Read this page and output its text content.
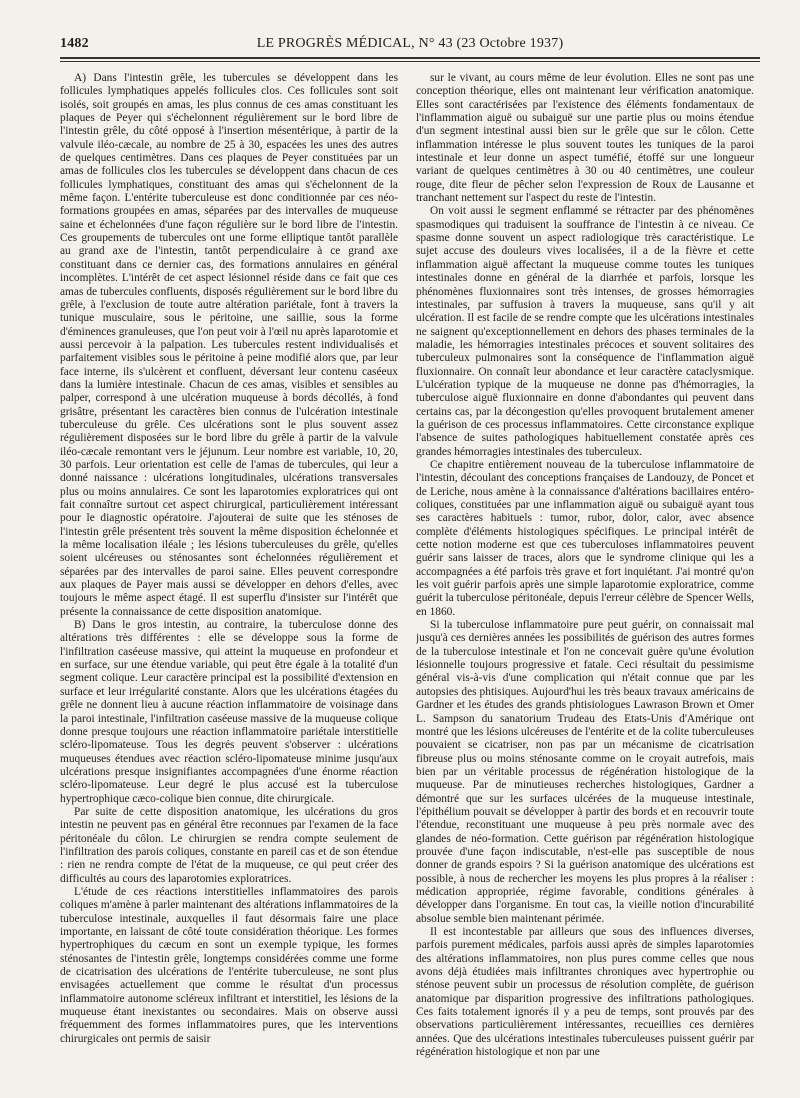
1482	LE PROGRÈS MÉDICAL, N° 43 (23 Octobre 1937)

A) Dans l'intestin grêle, les tubercules se développent dans les follicules lymphatiques appelés follicules clos. Ces follicules sont soit isolés, soit groupés en amas, les plus connus de ces amas constituant les plaques de Peyer qui s'échelonnent régulièrement sur le bord libre de l'intestin grêle, du côté opposé à l'insertion mésentérique, à partir de la valvule iléo-cæcale, au nombre de 25 à 30, espacées les unes des autres de quelques centimètres. Dans ces plaques de Peyer constituées par un amas de follicules clos les tubercules se développent dans chacun de ces follicules lymphatiques, constituant des amas qui s'échelonnent de la même façon. L'entérite tuberculeuse est donc conditionnée par ces néo-formations groupées en amas, séparées par des intervalles de muqueuse saine et échelonnées d'une façon régulière sur le bord libre de l'intestin. Ces groupements de tubercules ont une forme elliptique tantôt parallèle au grand axe de l'intestin, tantôt perpendiculaire à ce grand axe constituant dans ce dernier cas, des formations annulaires en général incomplètes. L'intérêt de cet aspect lésionnel réside dans ce fait que ces amas de tubercules confluents, disposés régulièrement sur le bord libre du grêle, à l'exclusion de toute autre altération pariétale, font à travers la tunique musculaire, sous le péritoine, une saillie, sous la forme d'éminences granuleuses, que l'on peut voir à l'œil nu après laparotomie et aussi percevoir à la palpation. Les tubercules restent individualisés et parfaitement visibles sous le péritoine à peine modifié alors que, par leur face interne, ils s'ulcèrent et confluent, déversant leur contenu caséeux dans la lumière intestinale. Chacun de ces amas, visibles et sensibles au palper, correspond à une ulcération muqueuse à bords décollés, à fond grisâtre, présentant les caractères bien connus de l'ulcération intestinale tuberculeuse du grêle. Ces ulcérations sont le plus souvent assez régulièrement disposées sur le bord libre du grêle à partir de la valvule iléo-cæcale remontant vers le jéjunum. Leur nombre est variable, 10, 20, 30 parfois. Leur orientation est celle de l'amas de tubercules, qui leur a donné naissance : ulcérations longitudinales, ulcérations transversales plus ou moins annulaires. Ce sont les laparotomies exploratrices qui ont fait connaître surtout cet aspect chirurgical, particulièrement intéressant pour le diagnostic opératoire. J'ajouterai de suite que les sténoses de l'intestin grêle présentent très souvent la même disposition échelonnée et la même localisation iléale ; les lésions tuberculeuses du grêle, qu'elles soient ulcéreuses ou sténosantes sont échelonnées régulièrement et séparées par des intervalles de paroi saine. Elles peuvent correspondre aux plaques de Payer mais aussi se développer en dehors d'elles, avec toujours le même aspect étagé. Il est superflu d'insister sur l'intérêt que présente la connaissance de cette disposition anatomique.

B) Dans le gros intestin, au contraire, la tuberculose donne des altérations très différentes : elle se développe sous la forme de l'infiltration caséeuse massive, qui atteint la muqueuse en profondeur et en surface, sur une étendue variable, qui peut être égale à la totalité d'un segment colique. Leur caractère principal est la possibilité d'extension en surface et leur irrégularité constante. Alors que les ulcérations étagées du grêle ne donnent lieu à aucune réaction inflammatoire de voisinage dans la paroi intestinale, l'infiltration caséeuse massive de la muqueuse colique donne presque toujours une réaction inflammatoire pariétale interstitielle scléro-lipomateuse. Tous les degrés peuvent s'observer : ulcérations muqueuses étendues avec réaction scléro-lipomateuse minime jusqu'aux ulcérations presque insignifiantes accompagnées d'une énorme réaction scléro-lipomateuse. Leur degré le plus accusé est la tuberculose hypertrophique cæco-colique bien connue, dite chirurgicale.

Par suite de cette disposition anatomique, les ulcérations du gros intestin ne peuvent pas en général être reconnues par l'examen de la face péritonéale du côlon. Le chirurgien se rendra compte seulement de l'infiltration des parois coliques, constante en pareil cas et de son étendue : rien ne rendra compte de l'état de la muqueuse, ce qui peut créer des difficultés au cours des laparotomies exploratrices.

L'étude de ces réactions interstitielles inflammatoires des parois coliques m'amène à parler maintenant des altérations inflammatoires de la tuberculose intestinale, auxquelles il faut désormais faire une place importante, en laissant de côté toute considération théorique. Les formes hypertrophiques du cæcum en sont un exemple typique, les formes sténosantes de l'intestin grêle, longtemps considérées comme une forme de cicatrisation des ulcérations de l'entérite tuberculeuse, ne sont plus envisagées actuellement que comme le résultat d'un processus inflammatoire autonome scléreux infiltrant et interstitiel, les lésions de la muqueuse étant inexistantes ou secondaires. Mais on observe aussi fréquemment des formes inflammatoires pures, que les interventions chirurgicales ont permis de saisir

sur le vivant, au cours même de leur évolution. Elles ne sont pas une conception théorique, elles ont maintenant leur vérification anatomique. Elles sont caractérisées par l'existence des éléments fondamentaux de l'inflammation aiguë ou subaiguë sur une partie plus ou moins étendue d'un segment intestinal aussi bien sur le grêle que sur le côlon. Cette inflammation intéresse le plus souvent toutes les tuniques de la paroi intestinale et leur donne un aspect tuméfié, étoffé sur une longueur variant de quelques centimètres à 30 ou 40 centimètres, une couleur rouge, dite fleur de pêcher selon l'expression de Roux de Lausanne et tranchant nettement sur l'aspect du reste de l'intestin.

On voit aussi le segment enflammé se rétracter par des phénomènes spasmodiques qui traduisent la souffrance de l'intestin à ce niveau. Ce spasme donne souvent un aspect radiologique très caractéristique. Le sujet accuse des douleurs vives localisées, il a de la fièvre et cette inflammation aiguë affectant la muqueuse comme toutes les tuniques intestinales donne en général de la diarrhée et parfois, lorsque les phénomènes fluxionnaires sont très intenses, de grosses hémorragies intestinales, par suffusion à travers la muqueuse, sans qu'il y ait ulcération. Il est facile de se rendre compte que les ulcérations intestinales ne saignent qu'exceptionnellement en dehors des phases terminales de la maladie, les hémorragies intestinales précoces et souvent solitaires des tuberculeux pulmonaires sont la conséquence de l'inflammation aiguë fluxionnaire. On connaît leur abondance et leur caractère cataclysmique. L'ulcération typique de la muqueuse ne donne pas d'hémorragies, la tuberculose aiguë fluxionnaire en donne d'abondantes qui peuvent dans certains cas, par la décongestion qu'elles provoquent brutalement amener la guérison de ces processus inflammatoires. Cette circonstance explique l'absence de suites pathologiques habituellement constatée après ces grandes hémorragies intestinales des tuberculeux.

Ce chapitre entièrement nouveau de la tuberculose inflammatoire de l'intestin, découlant des conceptions françaises de Landouzy, de Poncet et de Leriche, nous amène à la connaissance d'altérations bacillaires entéro-coliques, constituées par une inflammation aiguë ou subaiguë ayant tous ses caractères habituels : tumor, rubor, dolor, calor, avec absence complète d'éléments histologiques spécifiques. Le principal intérêt de cette notion moderne est que ces tuberculoses inflammatoires peuvent guérir sans laisser de traces, alors que le syndrome clinique qui les a accompagnées a été parfois très grave et fort inquiétant. J'ai montré qu'on les voit guérir parfois après une simple laparotomie exploratrice, comme guérit la tuberculose péritonéale, depuis l'erreur célèbre de Spencer Wells, en 1860.

Si la tuberculose inflammatoire pure peut guérir, on connaissait mal jusqu'à ces dernières années les possibilités de guérison des autres formes de la tuberculose intestinale et l'on ne concevait guère qu'une évolution lésionnelle toujours progressive et fatale. Ceci résultait du pessimisme général vis-à-vis d'une complication qui n'était connue que par les autopsies des phtisiques. Aujourd'hui les très beaux travaux américains de Gardner et les études des grands phtisiologues Lawrason Brown et Omer L. Sampson du sanatorium Trudeau des Etats-Unis d'Amérique ont montré que les lésions ulcéreuses de l'entérite et de la colite tuberculeuses pouvaient se cicatriser, non pas par un mécanisme de cicatrisation fibreuse plus ou moins sténosante comme on le croyait autrefois, mais bien par un véritable processus de régénération histologique de la muqueuse. Par de minutieuses recherches histologiques, Gardner a démontré que sur les surfaces ulcérées de la muqueuse intestinale, l'épithélium pouvait se développer à partir des bords et en recouvrir toute l'étendue, reconstituant une muqueuse à peu près normale avec des glandes de néo-formation. Cette guérison par régénération histologique prouvée d'une façon indiscutable, n'est-elle pas susceptible de nous donner de grands espoirs ? Si la guérison anatomique des ulcérations est possible, à nous de rechercher les moyens les plus propres à la réaliser : médication appropriée, régime favorable, conditions générales à développer dans l'organisme. En tout cas, la vieille notion d'incurabilité absolue semble bien maintenant périmée.

Il est incontestable par ailleurs que sous des influences diverses, parfois purement médicales, parfois aussi après de simples laparotomies des altérations inflammatoires, non plus pures comme celles que nous avons déjà étudiées mais infiltrantes chroniques avec hypertrophie ou sténose peuvent subir un processus de résolution complète, de guérison anatomique par disparition progressive des infiltrations pathologiques. Ces faits totalement ignorés il y a peu de temps, sont prouvés par des observations particulièrement intéressantes, recueillies ces dernières années. Que des ulcérations intestinales tuberculeuses puissent guérir par régénération histologique et non par une
